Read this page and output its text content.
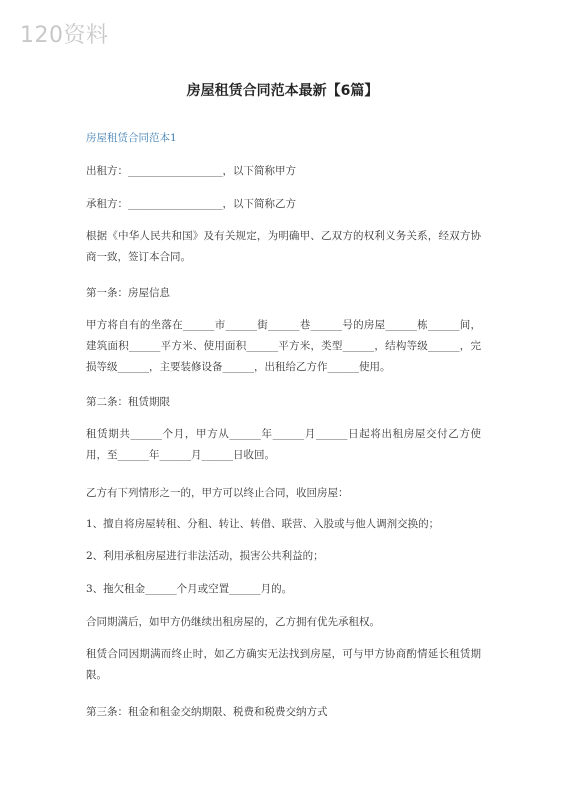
120资料
房屋租赁合同范本最新【6篇】
房屋租赁合同范本1
出租方：__________________，以下简称甲方
承租方：__________________，以下简称乙方
根据《中华人民共和国》及有关规定，为明确甲、乙双方的权利义务关系，经双方协商一致，签订本合同。
第一条：房屋信息
甲方将自有的坐落在______市______街______巷______号的房屋______栋______间，建筑面积______平方米、使用面积______平方米，类型______，结构等级______，完损等级______，主要装修设备______，出租给乙方作______使用。
第二条：租赁期限
租赁期共______个月，甲方从______年______月______日起将出租房屋交付乙方使用，至______年______月______日收回。
乙方有下列情形之一的，甲方可以终止合同，收回房屋：
1、擅自将房屋转租、分租、转让、转借、联营、入股或与他人调剂交换的；
2、利用承租房屋进行非法活动，损害公共利益的；
3、拖欠租金______个月或空置______月的。
合同期满后，如甲方仍继续出租房屋的，乙方拥有优先承租权。
租赁合同因期满而终止时，如乙方确实无法找到房屋，可与甲方协商酌情延长租赁期限。
第三条：租金和租金交纳期限、税费和税费交纳方式
